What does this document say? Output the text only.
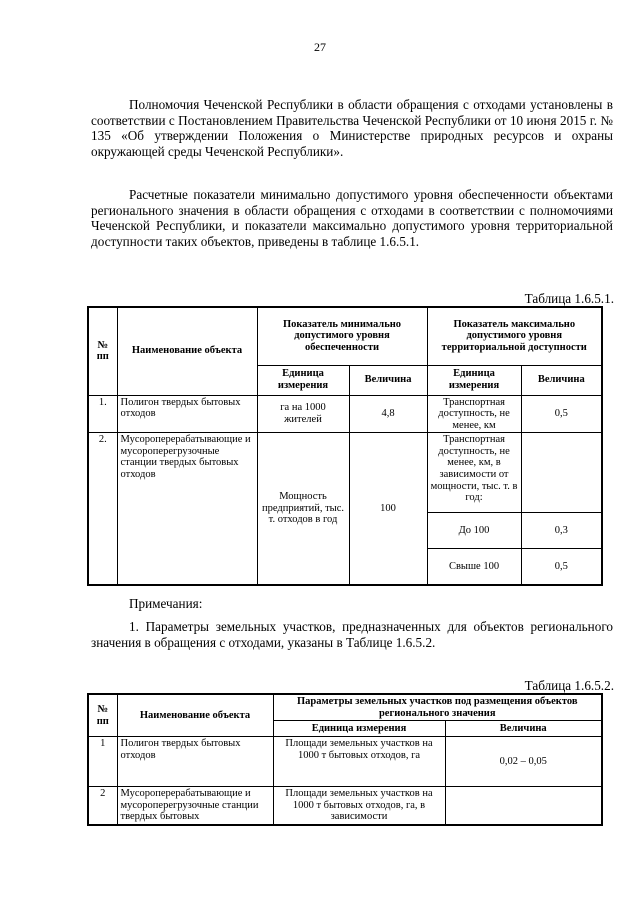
27

Полномочия Чеченской Республики в области обращения с отходами установлены в соответствии с Постановлением Правительства Чеченской Республики от 10 июня 2015 г. № 135 «Об утверждении Положения о Министерстве природных ресурсов и охраны окружающей среды Чеченской Республики».

Расчетные показатели минимально допустимого уровня обеспеченности объектами регионального значения в области обращения с отходами в соответствии с полномочиями Чеченской Республики, и показатели максимально допустимого уровня территориальной доступности таких объектов, приведены в таблице 1.6.5.1.

Таблица 1.6.5.1.
№ пп	Наименование объекта	Показатель минимально допустимого уровня обеспеченности		Показатель максимально допустимого уровня территориальной доступности	
		Единица измерения	Величина	Единица измерения	Величина
1.	Полигон твердых бытовых отходов	га на 1000 жителей	4,8	Транспортная доступность, не менее, км	0,5
2.	Мусороперерабатывающие и мусороперегрузочные станции твердых бытовых отходов	Мощность предприятий, тыс. т. отходов в год	100	Транспортная доступность, не менее, км, в зависимости от мощности, тыс. т. в год:	
				До 100	0,3
				Свыше 100	0,5
Примечания:

1. Параметры земельных участков, предназначенных для объектов регионального значения в обращения с отходами, указаны в Таблице 1.6.5.2.

Таблица 1.6.5.2.
№ пп	Наименование объекта	Параметры земельных участков под размещения объектов регионального значения	
		Единица измерения	Величина
1	Полигон твердых бытовых отходов	Площади земельных участков на 1000 т бытовых отходов, га	0,02 – 0,05
2	Мусороперерабатывающие и мусороперегрузочные станции твердых бытовых	Площади земельных участков на 1000 т бытовых отходов, га, в зависимости	
